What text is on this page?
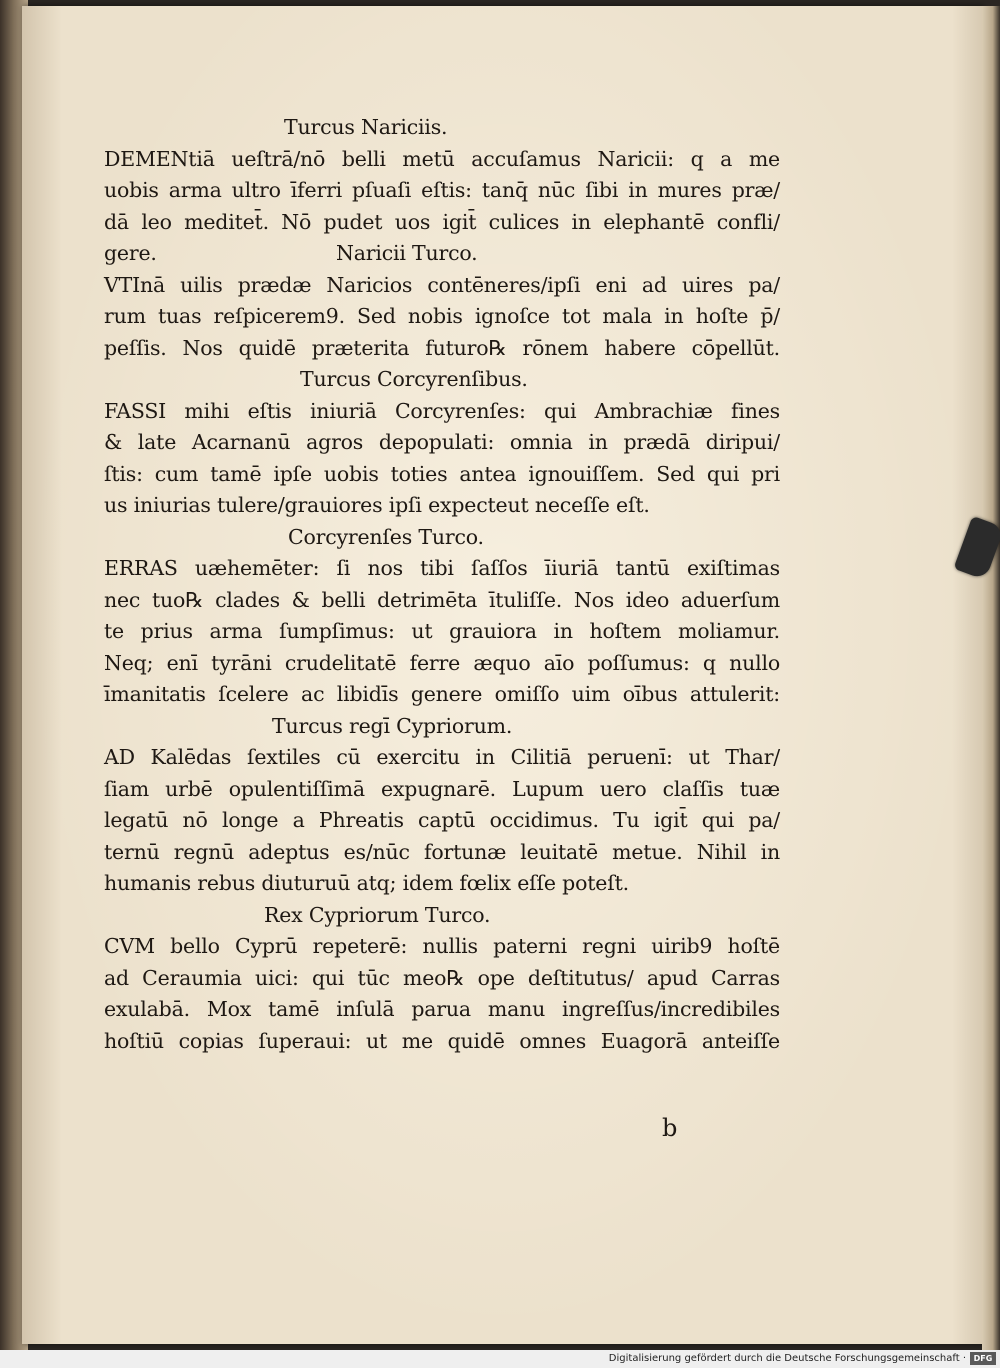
Turcus Nariciis.
DEMENtiā ueſtrā/nō belli metū accuſamus Naricii: q a me
uobis arma ultro īferri pſuaſi eſtis: tanq̄ nūc ſibi in mures præ/
dā leo meditet̄. Nō pudet uos igit̄ culices in elephantē confli/
gere.	Naricii Turco.
VTInā uilis prædæ Naricios contēneres/ipſi eni ad uires pa/
rum tuas reſpicerem9. Sed nobis ignoſce tot mala in hoſte p̄/
peſſis. Nos quidē præterita futuro℞ rōnem habere cōpellūt.
Turcus Corcyrenſibus.
FASSI mihi eſtis iniuriā Corcyrenſes: qui Ambrachiæ fines
& late Acarnanū agros depopulati: omnia in prædā diripui/
ſtis: cum tamē ipſe uobis toties antea ignouiſſem. Sed qui pri
us iniurias tulere/grauiores ipſi expecteut neceſſe eſt.
Corcyrenſes Turco.
ERRAS uæhemēter: ſi nos tibi ſaſſos īiuriā tantū exiſtimas
nec tuo℞ clades & belli detrimēta ītuliſſe. Nos ideo aduerſum
te prius arma ſumpſimus: ut grauiora in hoſtem moliamur.
Neq; enī tyrāni crudelitatē ferre æquo aīo poſſumus: q nullo
īmanitatis ſcelere ac libidīs genere omiſſo uim oībus attulerit:
Turcus regī Cypriorum.
AD Kalēdas ſextiles cū exercitu in Cilitiā peruenī: ut Thar/
ſiam urbē opulentiſſimā expugnarē. Lupum uero claſſis tuæ
legatū nō longe a Phreatis captū occidimus. Tu igit̄ qui pa/
ternū regnū adeptus es/nūc fortunæ leuitatē metue. Nihil in
humanis rebus diuturuū atq; idem fœlix eſſe poteſt.
Rex Cypriorum Turco.
CVM bello Cyprū repeterē: nullis paterni regni uirib9 hoſtē
ad Ceraumia uici: qui tūc meo℞ ope deſtitutus/ apud Carras
exulabā. Mox tamē inſulā parua manu ingreſſus/incredibiles
hoſtiū copias ſuperaui: ut me quidē omnes Euagorā anteiſſe
b
Digitalisierung gefördert durch die Deutsche Forschungsgemeinschaft · DFG
